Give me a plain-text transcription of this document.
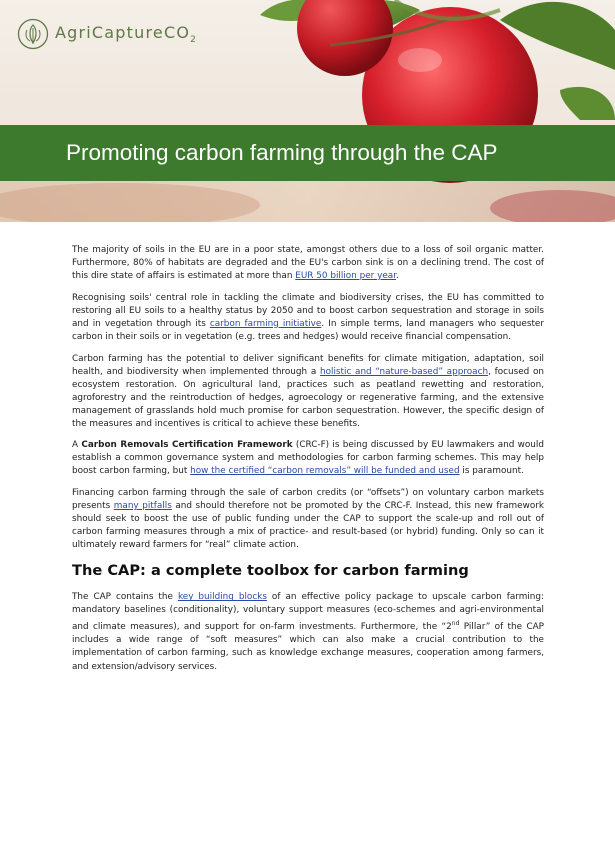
AgriCaptureCO$_2$
Promoting carbon farming through the CAP

The majority of soils in the EU are in a poor state, amongst others due to a loss of soil organic matter. Furthermore, 80% of habitats are degraded and the EU's carbon sink is on a declining trend. The cost of this dire state of affairs is estimated at more than EUR 50 billion per year.

Recognising soils' central role in tackling the climate and biodiversity crises, the EU has committed to restoring all EU soils to a healthy status by 2050 and to boost carbon sequestration and storage in soils and in vegetation through its carbon farming initiative. In simple terms, land managers who sequester carbon in their soils or in vegetation (e.g. trees and hedges) would receive financial compensation.

Carbon farming has the potential to deliver significant benefits for climate mitigation, adaptation, soil health, and biodiversity when implemented through a holistic and “nature-based” approach, focused on ecosystem restoration. On agricultural land, practices such as peatland rewetting and restoration, agroforestry and the reintroduction of hedges, agroecology or regenerative farming, and the extensive management of grasslands hold much promise for carbon sequestration. However, the specific design of the measures and incentives is critical to achieve these benefits.

A Carbon Removals Certification Framework (CRC-F) is being discussed by EU lawmakers and would establish a common governance system and methodologies for carbon farming schemes. This may help boost carbon farming, but how the certified “carbon removals” will be funded and used is paramount.

Financing carbon farming through the sale of carbon credits (or “offsets”) on voluntary carbon markets presents many pitfalls and should therefore not be promoted by the CRC-F. Instead, this new framework should seek to boost the use of public funding under the CAP to support the scale-up and roll out of carbon farming measures through a mix of practice- and result-based (or hybrid) funding. Only so can it ultimately reward farmers for “real” climate action.

The CAP: a complete toolbox for carbon farming

The CAP contains the key building blocks of an effective policy package to upscale carbon farming: mandatory baselines (conditionality), voluntary support measures (eco-schemes and agri-environmental and climate measures), and support for on-farm investments. Furthermore, the “2nd Pillar” of the CAP includes a wide range of “soft measures” which can also make a crucial contribution to the implementation of carbon farming, such as knowledge exchange measures, cooperation among farmers, and extension/advisory services.
